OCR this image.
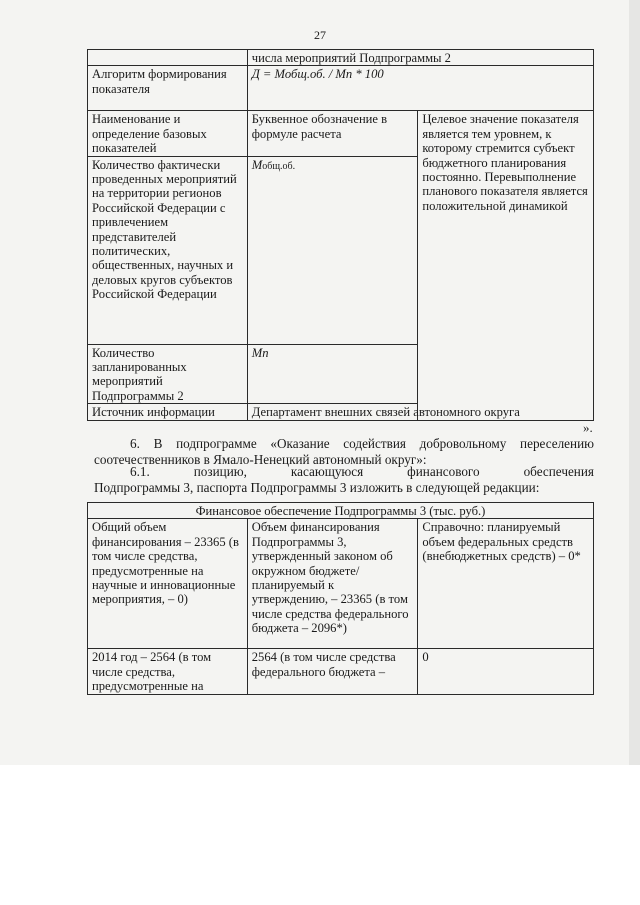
27
	числа мероприятий Подпрограммы 2	
Алгоритм формирования показателя	Д = Мобщ.об. / Мп * 100	
Наименование и определение базовых показателей	Буквенное обозначение в формуле расчета	Целевое значение показателя является тем уровнем, к которому стремится субъект бюджетного планирования постоянно. Перевыполнение планового показателя является положительной динамикой
Количество фактически проведенных мероприятий на территории регионов Российской Федерации с привлечением представителей политических, общественных, научных и деловых кругов субъектов Российской Федерации	Мобщ.об.	
Количество запланированных мероприятий Подпрограммы 2	Мп	
Источник информации	Департамент внешних связей автономного округа	
».
6. В подпрограмме «Оказание содействия добровольному переселению
соотечественников в Ямало-Ненецкий автономный округ»:
6.1. позицию, касающуюся финансового обеспечения
Подпрограммы 3, паспорта Подпрограммы 3 изложить в следующей редакции:
Финансовое обеспечение Подпрограммы 3 (тыс. руб.)		
Общий объем финансирования – 23365 (в том числе средства, предусмотренные на научные и инновационные мероприятия, – 0)	Объем финансирования Подпрограммы 3, утвержденный законом об окружном бюджете/планируемый к утверждению, – 23365 (в том числе средства федерального бюджета – 2096*)	Справочно: планируемый объем федеральных средств (внебюджетных средств) – 0*
2014 год – 2564 (в том числе средства, предусмотренные на	2564 (в том числе средства федерального бюджета –	0
